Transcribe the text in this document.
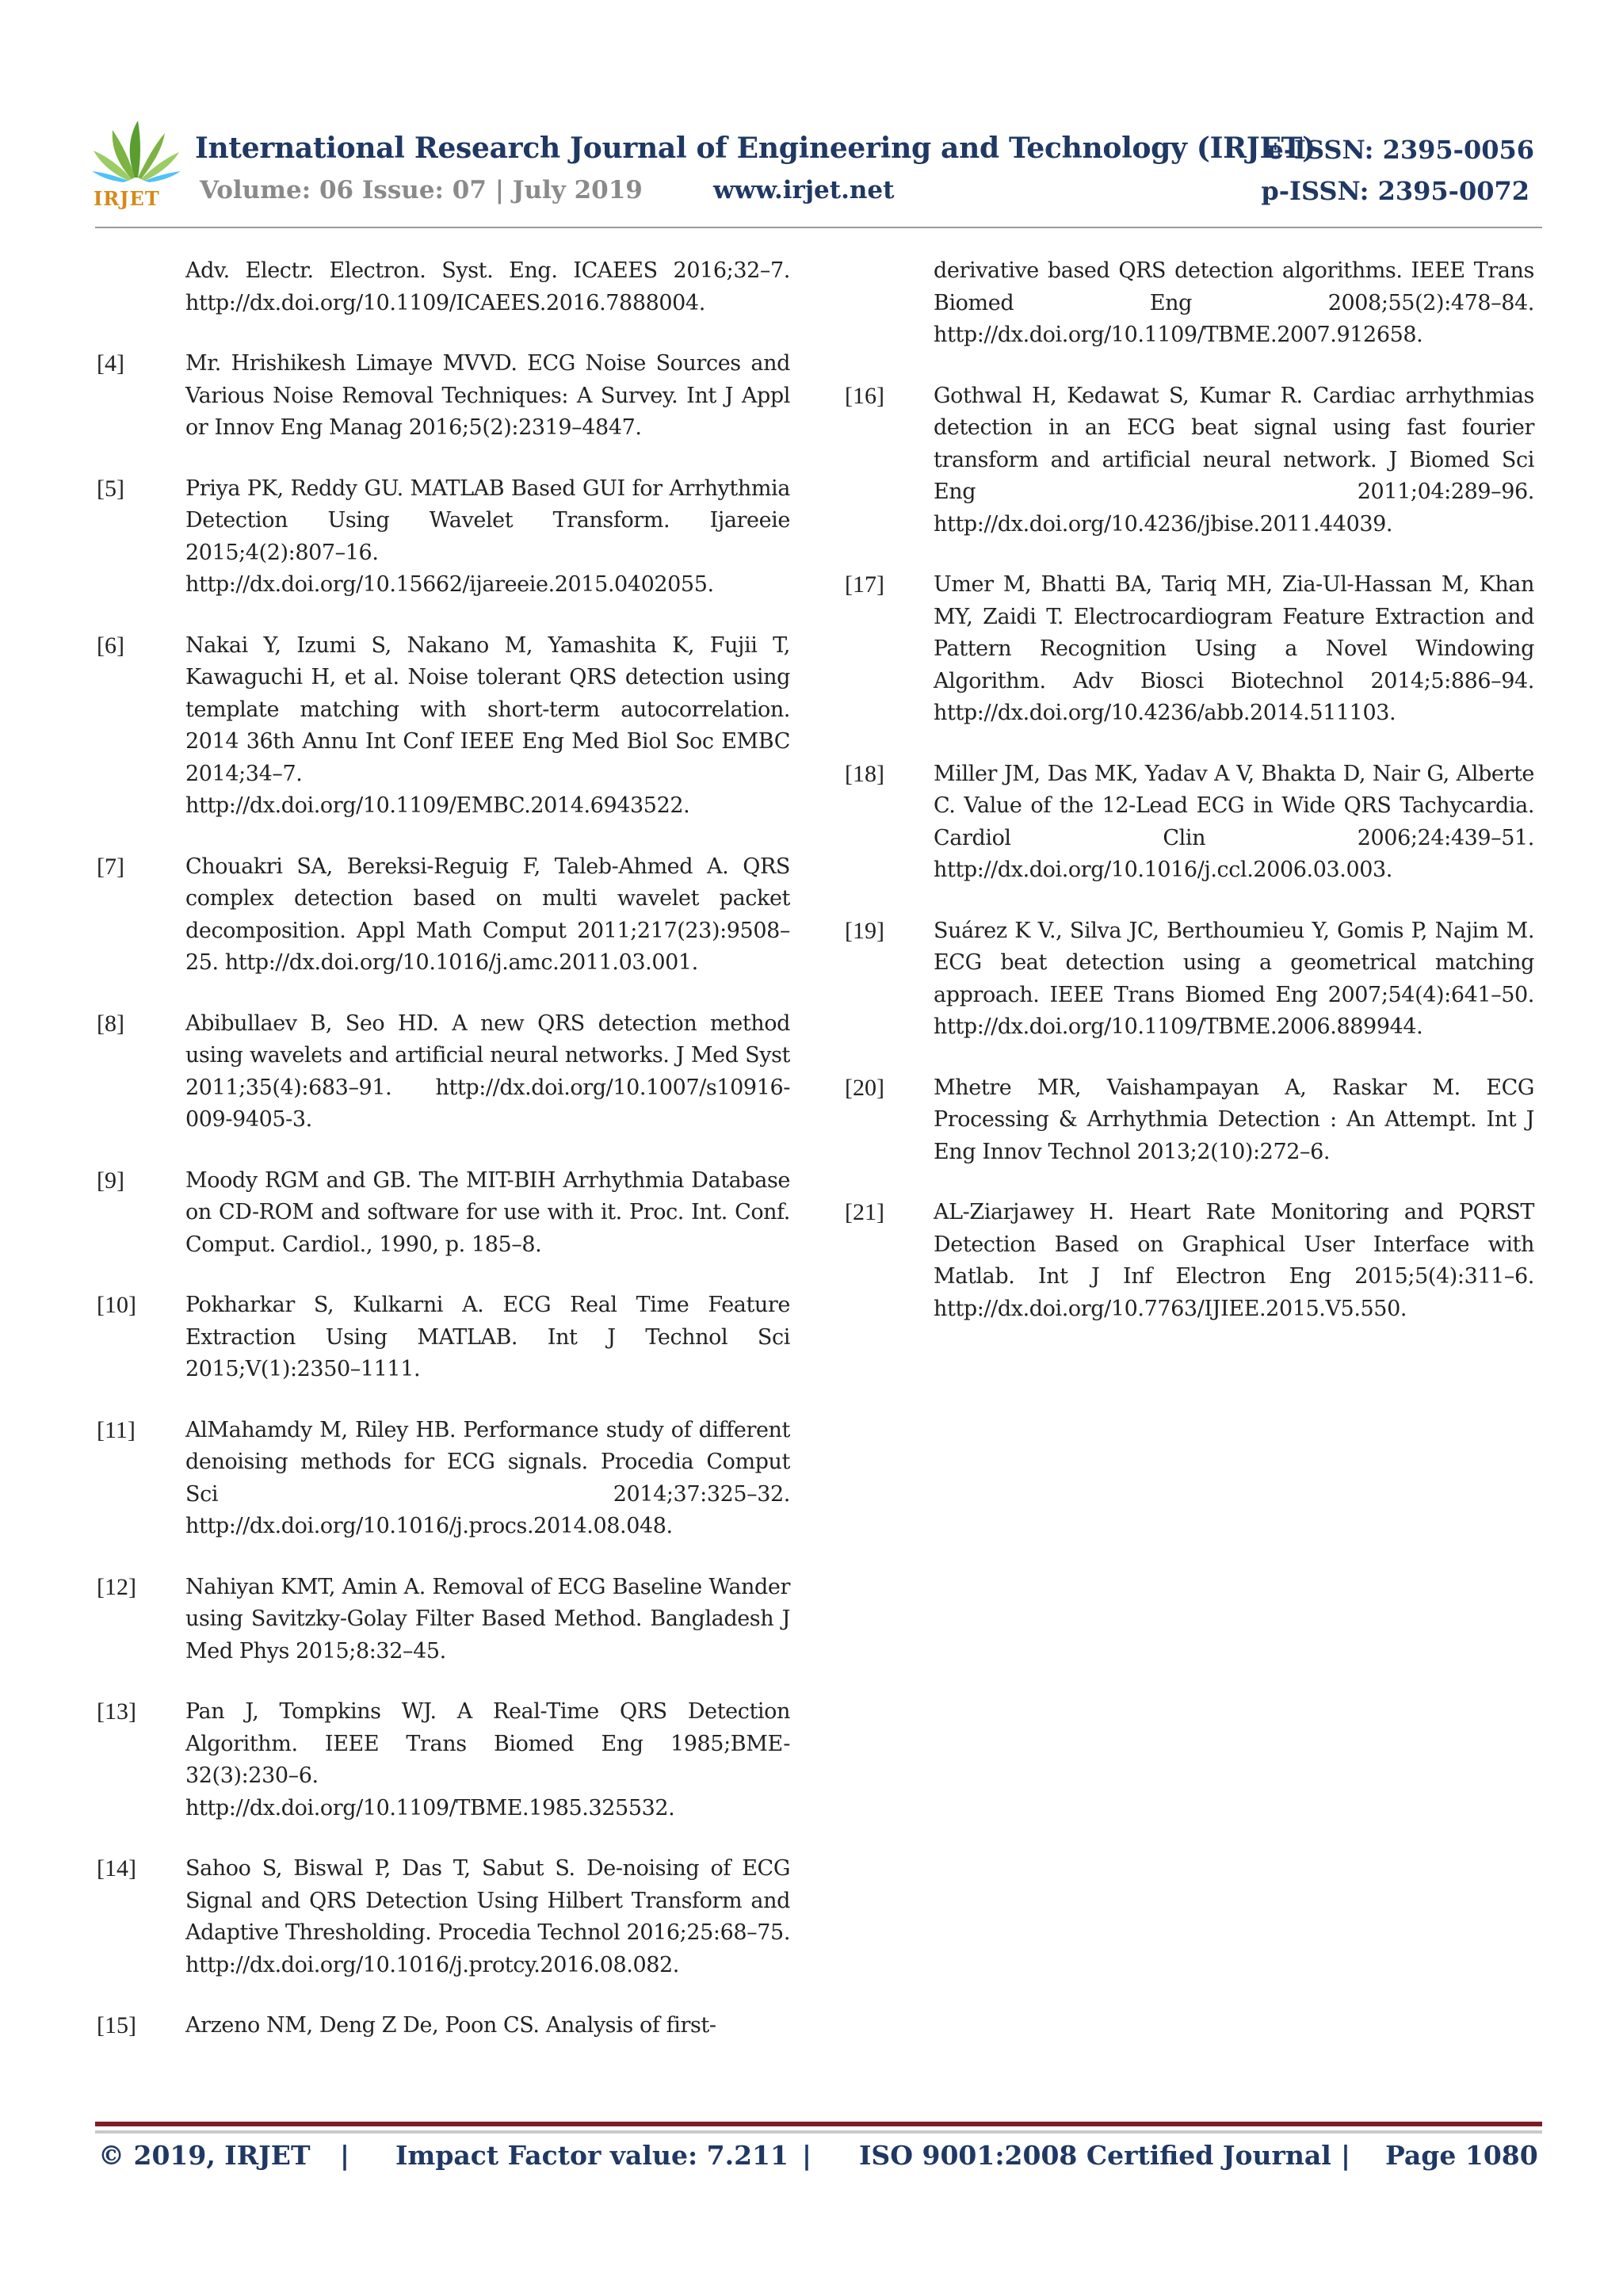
IRJET
International Research Journal of Engineering and Technology (IRJET)
e-ISSN: 2395-0056
Volume: 06 Issue: 07 | July 2019	www.irjet.net	p-ISSN: 2395-0072
Adv. Electr. Electron. Syst. Eng. ICAEES 2016;32–7. http://dx.doi.org/10.1109/ICAEES.2016.7888004.
[4]	Mr. Hrishikesh Limaye MVVD. ECG Noise Sources and Various Noise Removal Techniques: A Survey. Int J Appl or Innov Eng Manag 2016;5(2):2319–4847.
[5]	Priya PK, Reddy GU. MATLAB Based GUI for Arrhythmia Detection Using Wavelet Transform. Ijareeie 2015;4(2):807–16. http://dx.doi.org/10.15662/ijareeie.2015.0402055.
[6]	Nakai Y, Izumi S, Nakano M, Yamashita K, Fujii T, Kawaguchi H, et al. Noise tolerant QRS detection using template matching with short-term autocorrelation. 2014 36th Annu Int Conf IEEE Eng Med Biol Soc EMBC 2014;34–7. http://dx.doi.org/10.1109/EMBC.2014.6943522.
[7]	Chouakri SA, Bereksi-Reguig F, Taleb-Ahmed A. QRS complex detection based on multi wavelet packet decomposition. Appl Math Comput 2011;217(23):9508–25. http://dx.doi.org/10.1016/j.amc.2011.03.001.
[8]	Abibullaev B, Seo HD. A new QRS detection method using wavelets and artificial neural networks. J Med Syst 2011;35(4):683–91. http://dx.doi.org/10.1007/s10916-009-9405-3.
[9]	Moody RGM and GB. The MIT-BIH Arrhythmia Database on CD-ROM and software for use with it. Proc. Int. Conf. Comput. Cardiol., 1990, p. 185–8.
[10] Pokharkar S, Kulkarni A. ECG Real Time Feature Extraction Using MATLAB. Int J Technol Sci 2015;V(1):2350–1111.
[11] AlMahamdy M, Riley HB. Performance study of different denoising methods for ECG signals. Procedia Comput Sci 2014;37:325–32. http://dx.doi.org/10.1016/j.procs.2014.08.048.
[12] Nahiyan KMT, Amin A. Removal of ECG Baseline Wander using Savitzky-Golay Filter Based Method. Bangladesh J Med Phys 2015;8:32–45.
[13] Pan J, Tompkins WJ. A Real-Time QRS Detection Algorithm. IEEE Trans Biomed Eng 1985;BME-32(3):230–6. http://dx.doi.org/10.1109/TBME.1985.325532.
[14] Sahoo S, Biswal P, Das T, Sabut S. De-noising of ECG Signal and QRS Detection Using Hilbert Transform and Adaptive Thresholding. Procedia Technol 2016;25:68–75. http://dx.doi.org/10.1016/j.protcy.2016.08.082.
[15] Arzeno NM, Deng Z De, Poon CS. Analysis of first-
derivative based QRS detection algorithms. IEEE Trans Biomed Eng 2008;55(2):478–84. http://dx.doi.org/10.1109/TBME.2007.912658.
[16] Gothwal H, Kedawat S, Kumar R. Cardiac arrhythmias detection in an ECG beat signal using fast fourier transform and artificial neural network. J Biomed Sci Eng 2011;04:289–96. http://dx.doi.org/10.4236/jbise.2011.44039.
[17] Umer M, Bhatti BA, Tariq MH, Zia-Ul-Hassan M, Khan MY, Zaidi T. Electrocardiogram Feature Extraction and Pattern Recognition Using a Novel Windowing Algorithm. Adv Biosci Biotechnol 2014;5:886–94. http://dx.doi.org/10.4236/abb.2014.511103.
[18] Miller JM, Das MK, Yadav A V, Bhakta D, Nair G, Alberte C. Value of the 12-Lead ECG in Wide QRS Tachycardia. Cardiol Clin 2006;24:439–51. http://dx.doi.org/10.1016/j.ccl.2006.03.003.
[19] Suárez K V., Silva JC, Berthoumieu Y, Gomis P, Najim M. ECG beat detection using a geometrical matching approach. IEEE Trans Biomed Eng 2007;54(4):641–50. http://dx.doi.org/10.1109/TBME.2006.889944.
[20] Mhetre MR, Vaishampayan A, Raskar M. ECG Processing & Arrhythmia Detection : An Attempt. Int J Eng Innov Technol 2013;2(10):272–6.
[21] AL-Ziarjawey H. Heart Rate Monitoring and PQRST Detection Based on Graphical User Interface with Matlab. Int J Inf Electron Eng 2015;5(4):311–6. http://dx.doi.org/10.7763/IJIEE.2015.V5.550.
© 2019, IRJET | Impact Factor value: 7.211 | ISO 9001:2008 Certified Journal | Page 1080
